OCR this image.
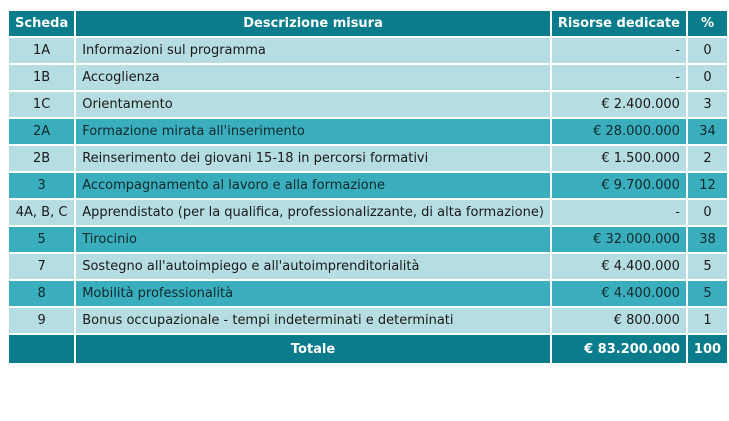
Scheda	Descrizione misura	Risorse dedicate	%
1A	Informazioni sul programma	-	0
1B	Accoglienza	-	0
1C	Orientamento	€ 2.400.000	3
2A	Formazione mirata all'inserimento	€ 28.000.000	34
2B	Reinserimento dei giovani 15-18 in percorsi formativi	€ 1.500.000	2
3	Accompagnamento al lavoro e alla formazione	€ 9.700.000	12
4A, B, C	Apprendistato (per la qualifica, professionalizzante, di alta formazione)	-	0
5	Tirocinio	€ 32.000.000	38
7	Sostegno all'autoimpiego e all'autoimprenditorialità	€ 4.400.000	5
8	Mobilità professionalità	€ 4.400.000	5
9	Bonus occupazionale - tempi indeterminati e determinati	€ 800.000	1
	Totale	€ 83.200.000	100
